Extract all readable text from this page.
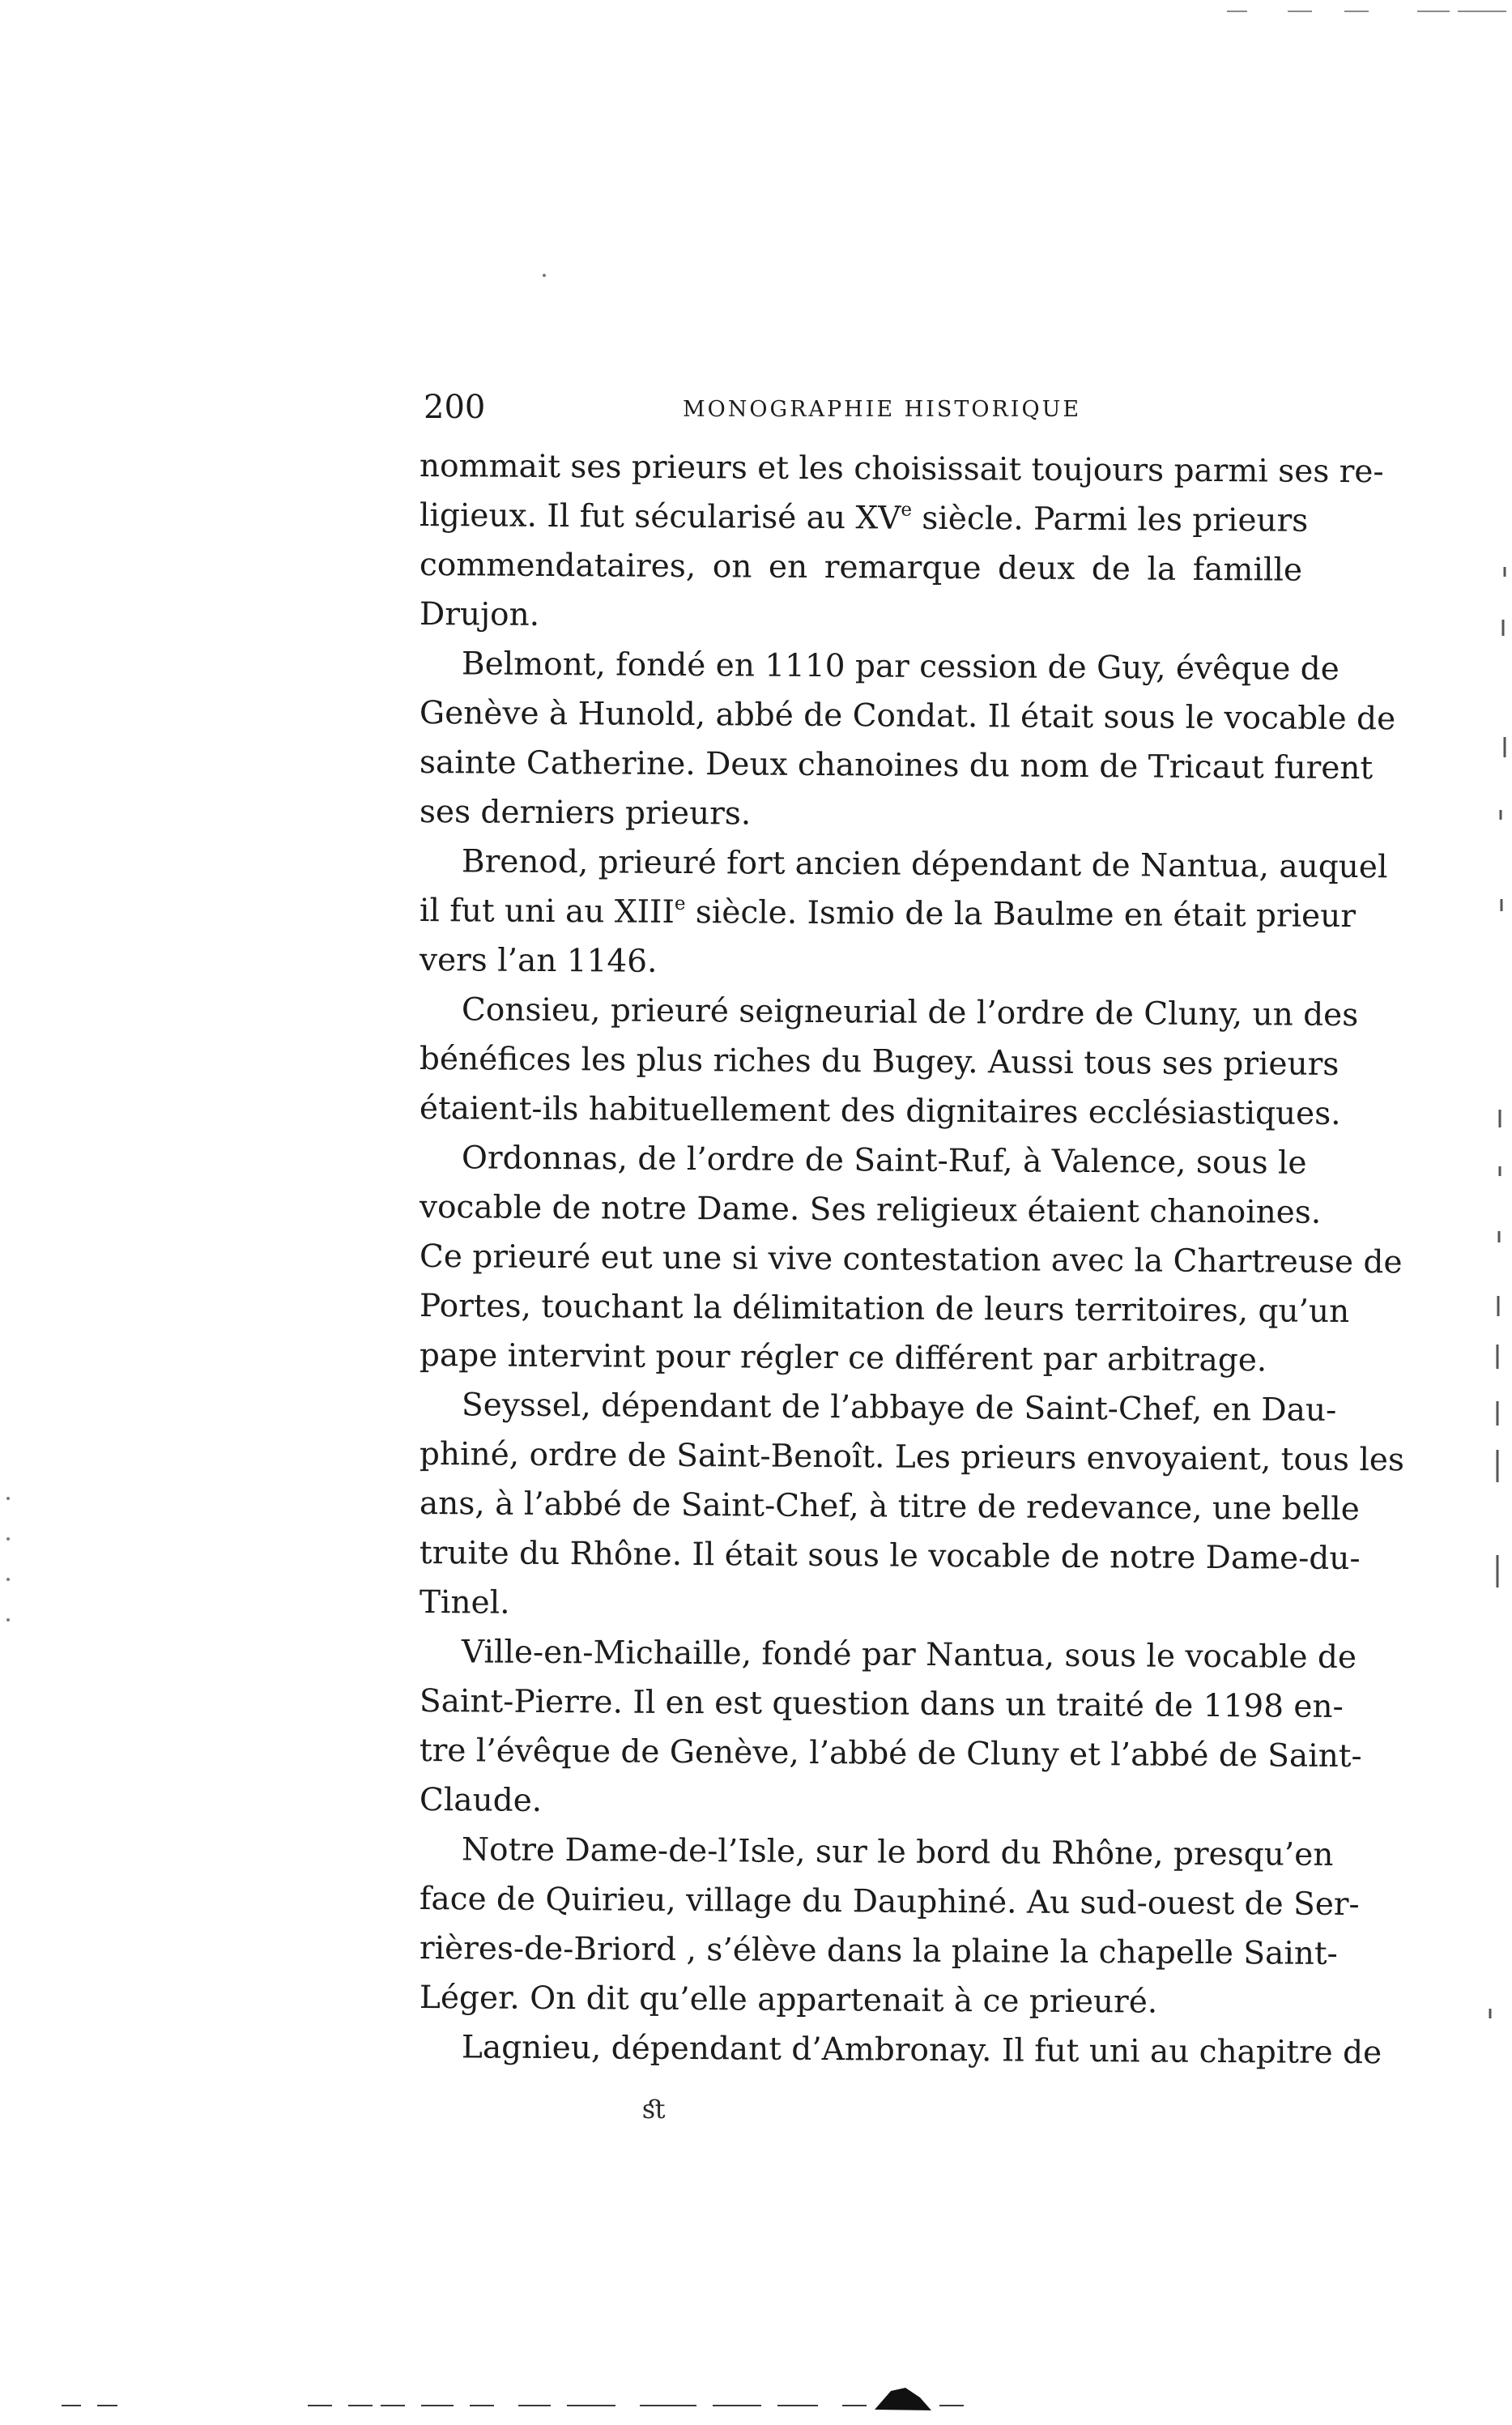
200	MONOGRAPHIE HISTORIQUE
nommait ses prieurs et les choisissait toujours parmi ses re-
ligieux. Il fut sécularisé au XVe siècle. Parmi les prieurs
commendataires, on en remarque deux de la famille
Drujon.
Belmont, fondé en 1110 par cession de Guy, évêque de
Genève à Hunold, abbé de Condat. Il était sous le vocable de
sainte Catherine. Deux chanoines du nom de Tricaut furent
ses derniers prieurs.
Brenod, prieuré fort ancien dépendant de Nantua, auquel
il fut uni au XIIIe siècle. Ismio de la Baulme en était prieur
vers l’an 1146.
Consieu, prieuré seigneurial de l’ordre de Cluny, un des
bénéfices les plus riches du Bugey. Aussi tous ses prieurs
étaient-ils habituellement des dignitaires ecclésiastiques.
Ordonnas, de l’ordre de Saint-Ruf, à Valence, sous le
vocable de notre Dame. Ses religieux étaient chanoines.
Ce prieuré eut une si vive contestation avec la Chartreuse de
Portes, touchant la délimitation de leurs territoires, qu’un
pape intervint pour régler ce différent par arbitrage.
Seyssel, dépendant de l’abbaye de Saint-Chef, en Dau-
phiné, ordre de Saint-Benoît. Les prieurs envoyaient, tous les
ans, à l’abbé de Saint-Chef, à titre de redevance, une belle
truite du Rhône. Il était sous le vocable de notre Dame-du-
Tinel.
Ville-en-Michaille, fondé par Nantua, sous le vocable de
Saint-Pierre. Il en est question dans un traité de 1198 en-
tre l’évêque de Genève, l’abbé de Cluny et l’abbé de Saint-
Claude.
Notre Dame-de-l’Isle, sur le bord du Rhône, presqu’en
face de Quirieu, village du Dauphiné. Au sud-ouest de Ser-
rières-de-Briord , s’élève dans la plaine la chapelle Saint-
Léger. On dit qu’elle appartenait à ce prieuré.
Lagnieu, dépendant d’Ambronay. Il fut uni au chapitre de
ﬆ
